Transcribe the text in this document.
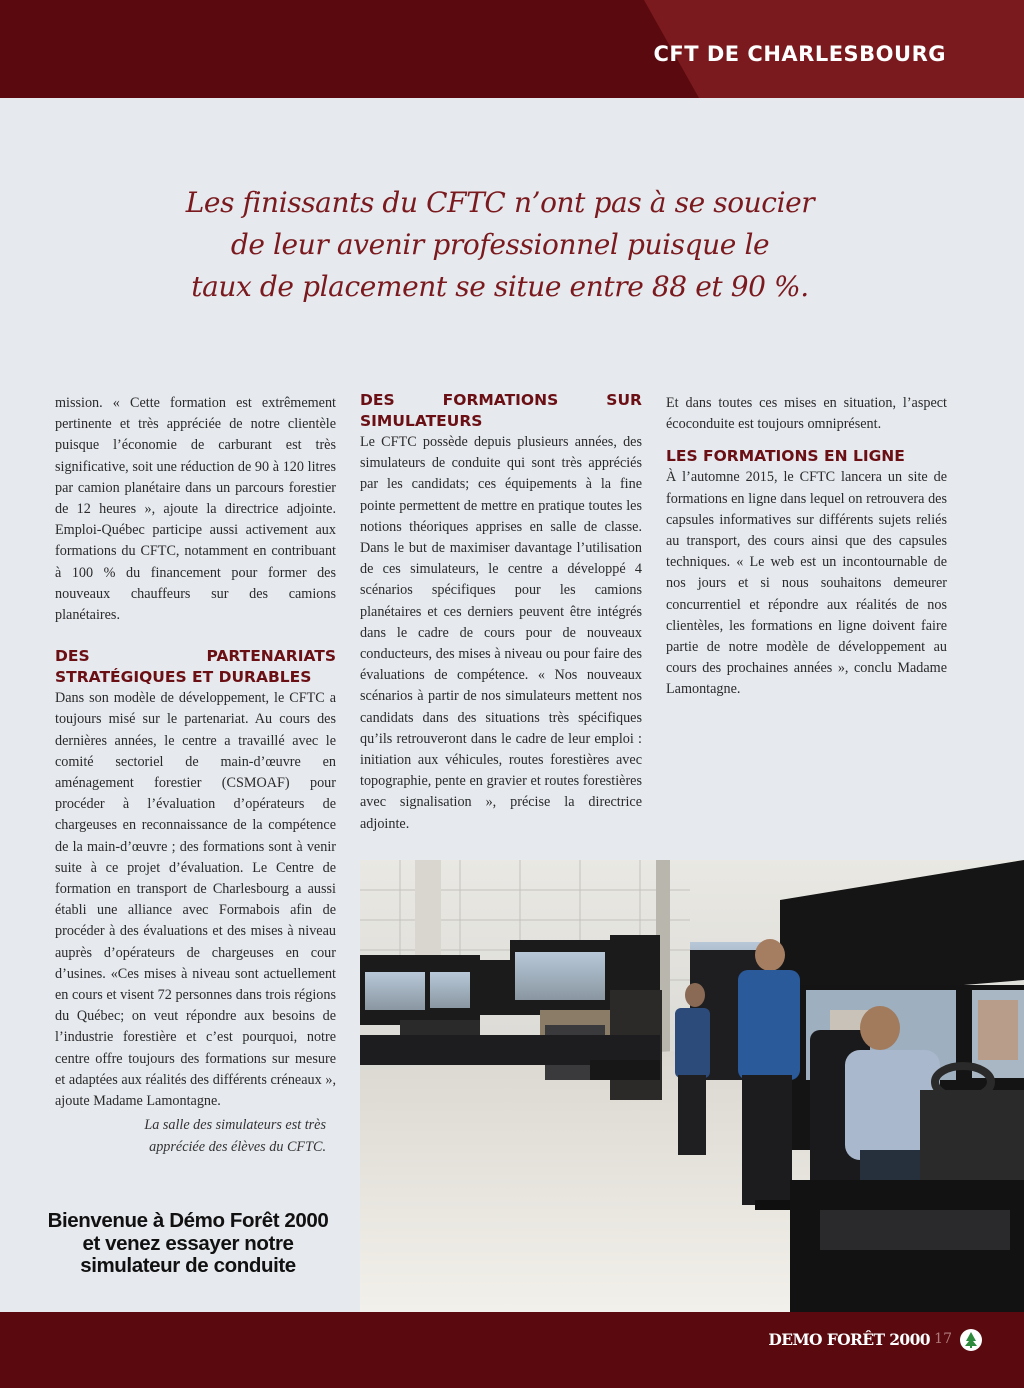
CFT DE CHARLESBOURG
Les finissants du CFTC n’ont pas à se soucier
de leur avenir professionnel puisque le
taux de placement se situe entre 88 et 90 %.

mission. « Cette formation est extrêmement pertinente et très appréciée de notre clientèle puisque l’économie de carburant est très significative, soit une réduction de 90 à 120 litres par camion planétaire dans un parcours forestier de 12 heures », ajoute la directrice adjointe. Emploi-Québec participe aussi activement aux formations du CFTC, notamment en contribuant à 100 % du financement pour former des nouveaux chauffeurs sur des camions planétaires.

DES PARTENARIATS STRATÉGIQUES ET DURABLES

Dans son modèle de développement, le CFTC a toujours misé sur le partenariat. Au cours des dernières années, le centre a travaillé avec le comité sectoriel de main-d’œuvre en aménagement forestier (CSMOAF) pour procéder à l’évaluation d’opérateurs de chargeuses en reconnaissance de la compétence de la main-d’œuvre ; des formations sont à venir suite à ce projet d’évaluation. Le Centre de formation en transport de Charlesbourg a aussi établi une alliance avec Formabois afin de procéder à des évaluations et des mises à niveau auprès d’opérateurs de chargeuses en cour d’usines. «Ces mises à niveau sont actuellement en cours et visent 72 personnes dans trois régions du Québec; on veut répondre aux besoins de l’industrie forestière et c’est pourquoi, notre centre offre toujours des formations sur mesure et adaptées aux réalités des différents créneaux », ajoute Madame Lamontagne.

DES FORMATIONS SUR SIMULATEURS

Le CFTC possède depuis plusieurs années, des simulateurs de conduite qui sont très appréciés par les candidats; ces équipements à la fine pointe permettent de mettre en pratique toutes les notions théoriques apprises en salle de classe. Dans le but de maximiser davantage l’utilisation de ces simulateurs, le centre a développé 4 scénarios spécifiques pour les camions planétaires et ces derniers peuvent être intégrés dans le cadre de cours pour de nouveaux conducteurs, des mises à niveau ou pour faire des évaluations de compétence. « Nos nouveaux scénarios à partir de nos simulateurs mettent nos candidats dans des situations très spécifiques qu’ils retrouveront dans le cadre de leur emploi : initiation aux véhicules, routes forestières avec topographie, pente en gravier et routes forestières avec signalisation », précise la directrice adjointe.

Et dans toutes ces mises en situation, l’aspect écoconduite est toujours omniprésent.

LES FORMATIONS EN LIGNE

À l’automne 2015, le CFTC lancera un site de formations en ligne dans lequel on retrouvera des capsules informatives sur différents sujets reliés au transport, des cours ainsi que des capsules techniques. « Le web est un incontournable de nos jours et si nous souhaitons demeurer concurrentiel et répondre aux réalités de nos clientèles, les formations en ligne doivent faire partie de notre modèle de développement au cours des prochaines années », conclu Madame Lamontagne.

La salle des simulateurs est très
appréciée des élèves du CFTC.
Bienvenue à Démo Forêt 2000
et venez essayer notre
simulateur de conduite
DEMO FORÊT 2000 17
